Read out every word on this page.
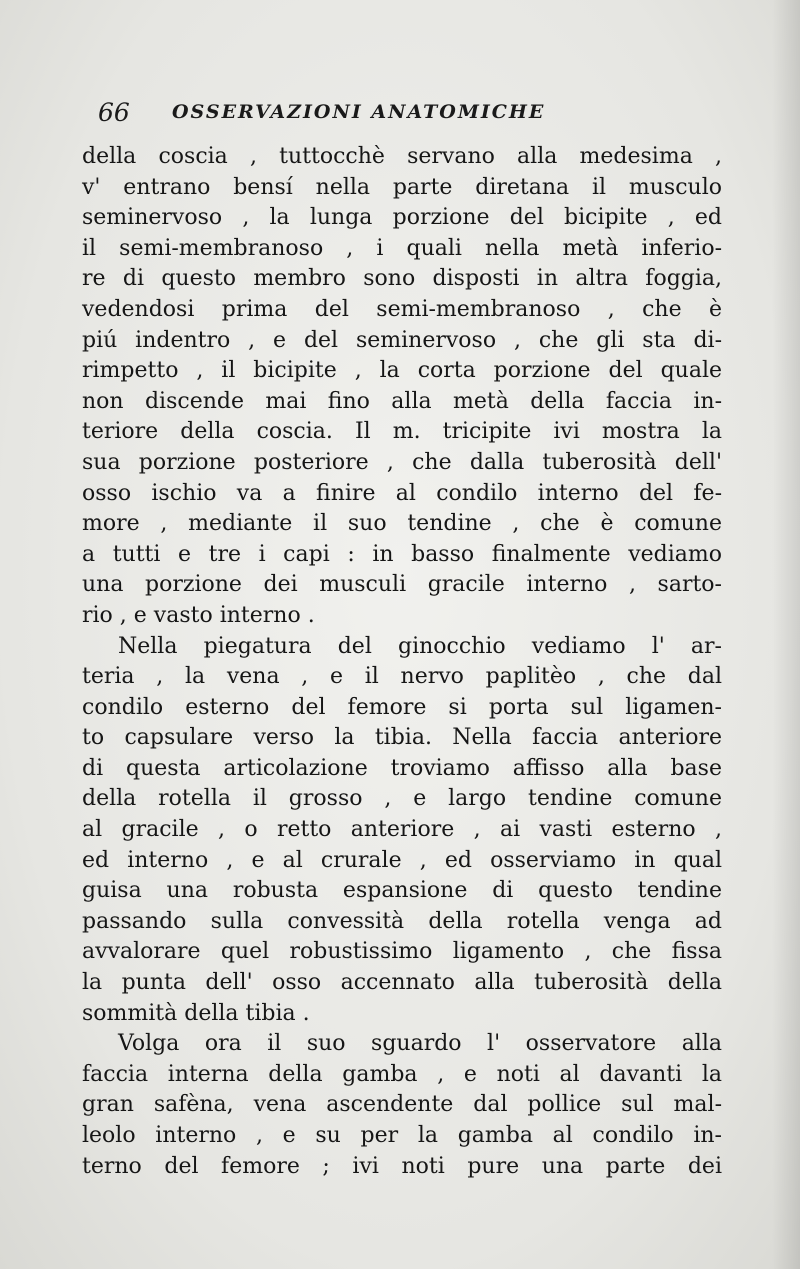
66 OSSERVAZIONI ANATOMICHE
della coscia , tuttocchè servano alla medesima ,
v' entrano bensí nella parte diretana il musculo
seminervoso , la lunga porzione del bicipite , ed
il semi-membranoso , i quali nella metà inferio-
re di questo membro sono disposti in altra foggia,
vedendosi prima del semi-membranoso , che è
piú indentro , e del seminervoso , che gli sta di-
rimpetto , il bicipite , la corta porzione del quale
non discende mai fino alla metà della faccia in-
teriore della coscia. Il m. tricipite ivi mostra la
sua porzione posteriore , che dalla tuberosità dell'
osso ischio va a finire al condilo interno del fe-
more , mediante il suo tendine , che è comune
a tutti e tre i capi : in basso finalmente vediamo
una porzione dei musculi gracile interno , sarto-
rio , e vasto interno .
Nella piegatura del ginocchio vediamo l' ar-
teria , la vena , e il nervo paplitèo , che dal
condilo esterno del femore si porta sul ligamen-
to capsulare verso la tibia. Nella faccia anteriore
di questa articolazione troviamo affisso alla base
della rotella il grosso , e largo tendine comune
al gracile , o retto anteriore , ai vasti esterno ,
ed interno , e al crurale , ed osserviamo in qual
guisa una robusta espansione di questo tendine
passando sulla convessità della rotella venga ad
avvalorare quel robustissimo ligamento , che fissa
la punta dell' osso accennato alla tuberosità della
sommità della tibia .
Volga ora il suo sguardo l' osservatore alla
faccia interna della gamba , e noti al davanti la
gran safèna, vena ascendente dal pollice sul mal-
leolo interno , e su per la gamba al condilo in-
terno del femore ; ivi noti pure una parte dei
